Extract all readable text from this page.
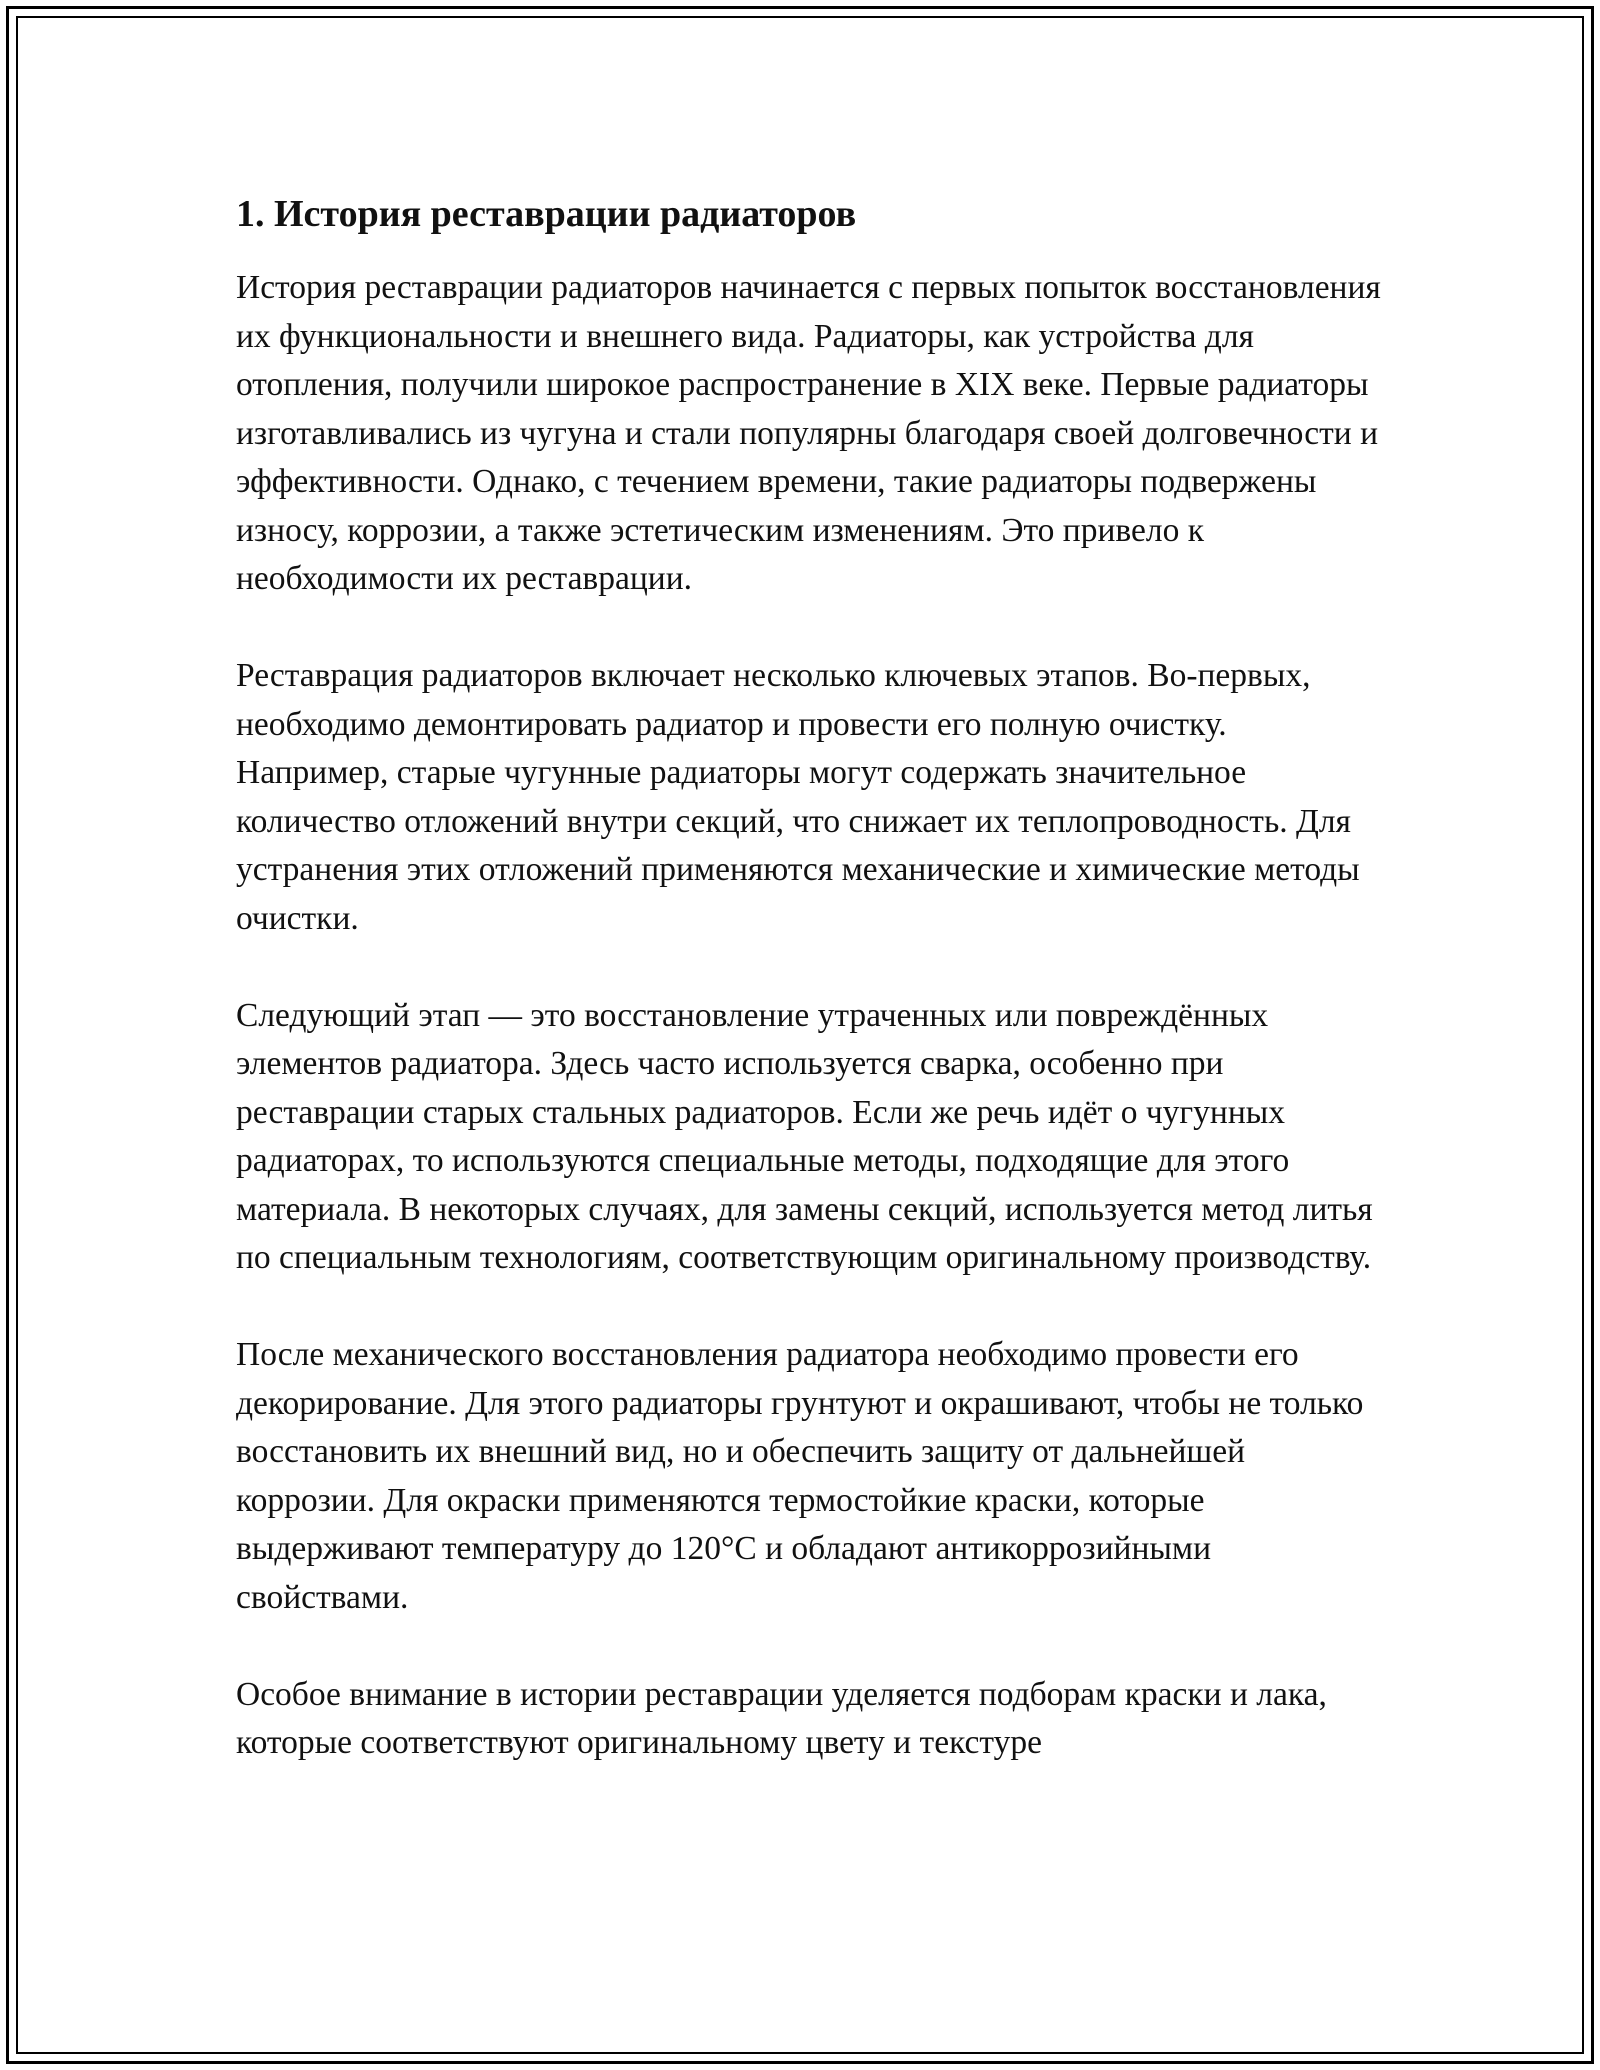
1. История реставрации радиаторов

История реставрации радиаторов начинается с первых попыток восстановления их функциональности и внешнего вида. Радиаторы, как устройства для отопления, получили широкое распространение в XIX веке. Первые радиаторы изготавливались из чугуна и стали популярны благодаря своей долговечности и эффективности. Однако, с течением времени, такие радиаторы подвержены износу, коррозии, а также эстетическим изменениям. Это привело к необходимости их реставрации.

Реставрация радиаторов включает несколько ключевых этапов. Во-первых, необходимо демонтировать радиатор и провести его полную очистку. Например, старые чугунные радиаторы могут содержать значительное количество отложений внутри секций, что снижает их теплопроводность. Для устранения этих отложений применяются механические и химические методы очистки.

Следующий этап — это восстановление утраченных или повреждённых элементов радиатора. Здесь часто используется сварка, особенно при реставрации старых стальных радиаторов. Если же речь идёт о чугунных радиаторах, то используются специальные методы, подходящие для этого материала. В некоторых случаях, для замены секций, используется метод литья по специальным технологиям, соответствующим оригинальному производству.

После механического восстановления радиатора необходимо провести его декорирование. Для этого радиаторы грунтуют и окрашивают, чтобы не только восстановить их внешний вид, но и обеспечить защиту от дальнейшей коррозии. Для окраски применяются термостойкие краски, которые выдерживают температуру до 120°C и обладают антикоррозийными свойствами.

Особое внимание в истории реставрации уделяется подборам краски и лака, которые соответствуют оригинальному цвету и текстуре
